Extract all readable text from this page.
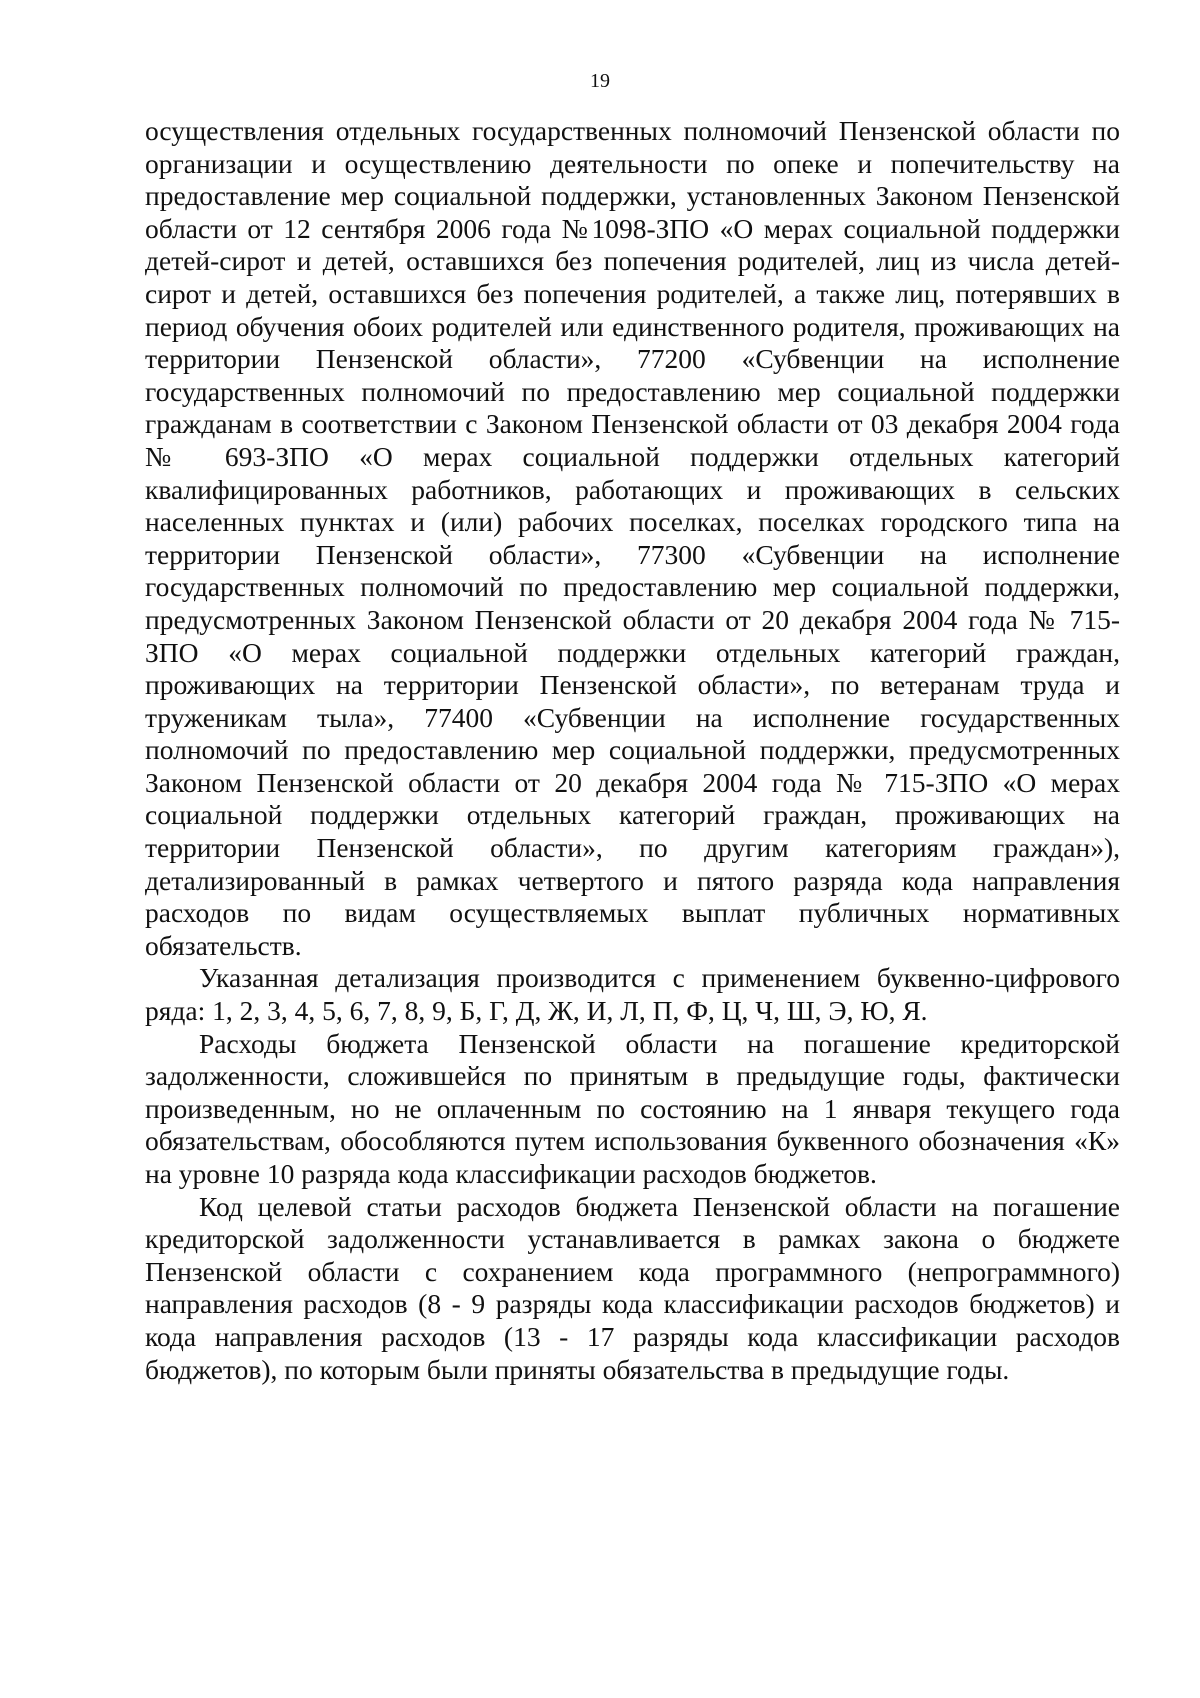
19

осуществления отдельных государственных полномочий Пензенской области по организации и осуществлению деятельности по опеке и попечительству на предоставление мер социальной поддержки, установленных Законом Пензенской области от 12 сентября 2006 года №1098-ЗПО «О мерах социальной поддержки детей-сирот и детей, оставшихся без попечения родителей, лиц из числа детей-сирот и детей, оставшихся без попечения родителей, а также лиц, потерявших в период обучения обоих родителей или единственного родителя, проживающих на территории Пензенской области», 77200 «Субвенции на исполнение государственных полномочий по предоставлению мер социальной поддержки гражданам в соответствии с Законом Пензенской области от 03 декабря 2004 года № 693-ЗПО «О мерах социальной поддержки отдельных категорий квалифицированных работников, работающих и проживающих в сельских населенных пунктах и (или) рабочих поселках, поселках городского типа на территории Пензенской области», 77300 «Субвенции на исполнение государственных полномочий по предоставлению мер социальной поддержки, предусмотренных Законом Пензенской области от 20 декабря 2004 года № 715-ЗПО «О мерах социальной поддержки отдельных категорий граждан, проживающих на территории Пензенской области», по ветеранам труда и труженикам тыла», 77400 «Субвенции на исполнение государственных полномочий по предоставлению мер социальной поддержки, предусмотренных Законом Пензенской области от 20 декабря 2004 года № 715-ЗПО «О мерах социальной поддержки отдельных категорий граждан, проживающих на территории Пензенской области», по другим категориям граждан»), детализированный в рамках четвертого и пятого разряда кода направления расходов по видам осуществляемых выплат публичных нормативных обязательств.

Указанная детализация производится с применением буквенно-цифрового ряда: 1, 2, 3, 4, 5, 6, 7, 8, 9, Б, Г, Д, Ж, И, Л, П, Ф, Ц, Ч, Ш, Э, Ю, Я.

Расходы бюджета Пензенской области на погашение кредиторской задолженности, сложившейся по принятым в предыдущие годы, фактически произведенным, но не оплаченным по состоянию на 1 января текущего года обязательствам, обособляются путем использования буквенного обозначения «К» на уровне 10 разряда кода классификации расходов бюджетов.

Код целевой статьи расходов бюджета Пензенской области на погашение кредиторской задолженности устанавливается в рамках закона о бюджете Пензенской области с сохранением кода программного (непрограммного) направления расходов (8 - 9 разряды кода классификации расходов бюджетов) и кода направления расходов (13 - 17 разряды кода классификации расходов бюджетов), по которым были приняты обязательства в предыдущие годы.
